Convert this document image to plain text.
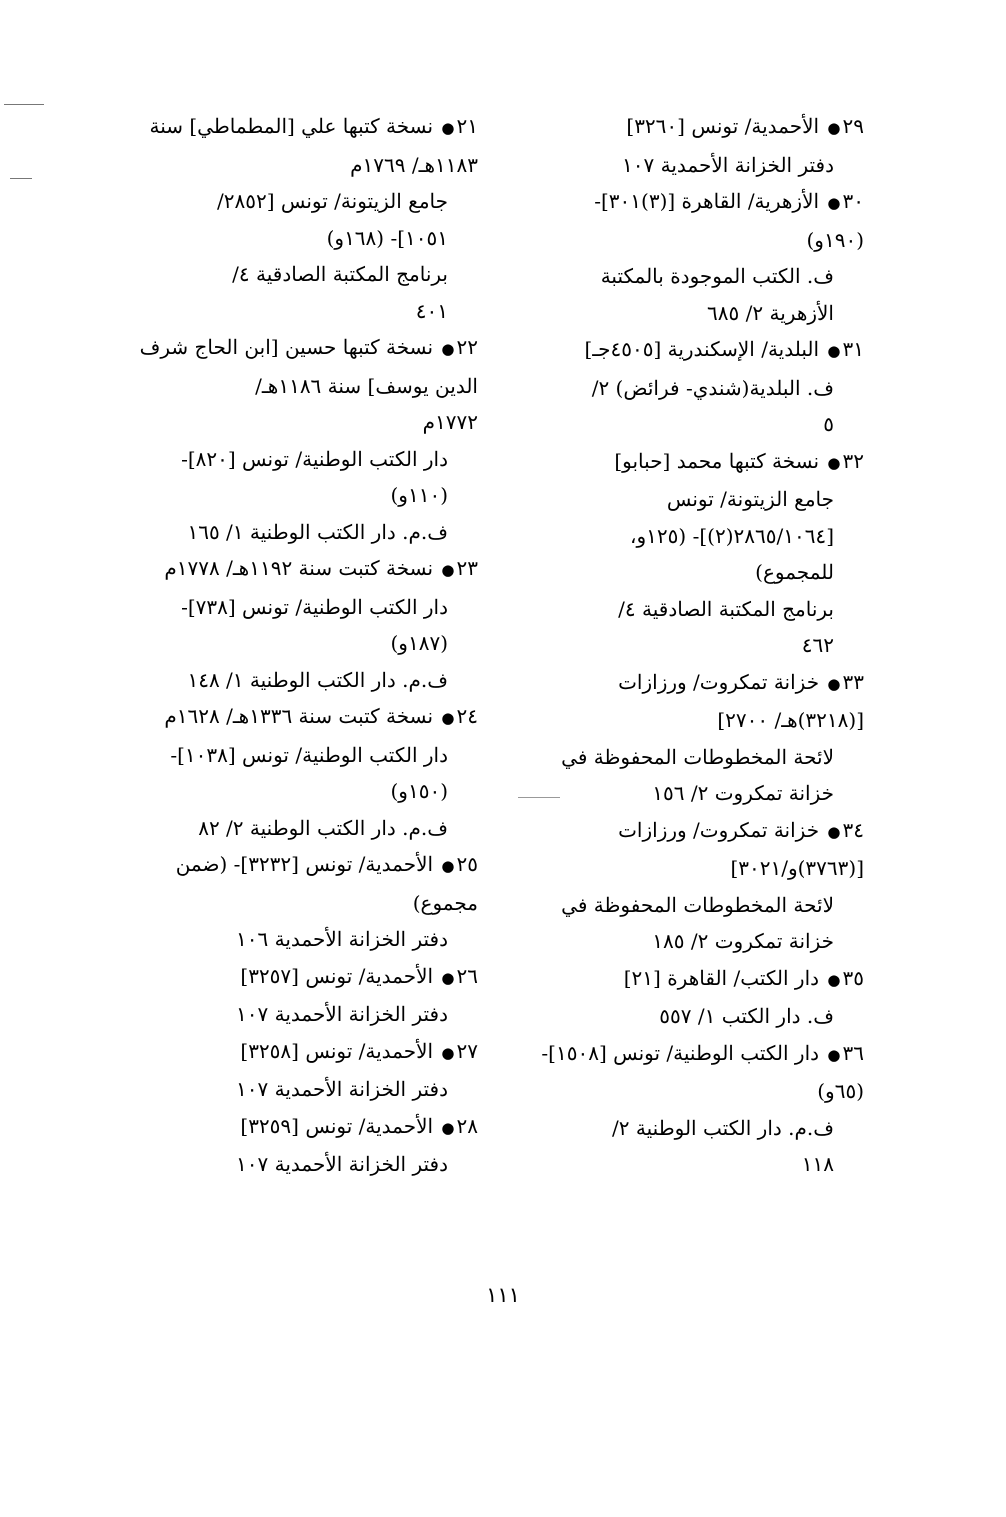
٢١● نسخة كتبها علي [المطماطي] سنة
١١٨٣هـ/ ١٧٦٩م
جامع الزيتونة/ تونس [٢٨٥٢/
١٠٥١]- (١٦٨و)
برنامج المكتبة الصادقية ٤/
٤٠١
٢٢● نسخة كتبها حسين [ابن الحاج شرف
الدين يوسف] سنة ١١٨٦هـ/
١٧٧٢م
دار الكتب الوطنية/ تونس [٨٢٠]-
(١١٠و)
ف.م. دار الكتب الوطنية ١/ ١٦٥
٢٣● نسخة كتبت سنة ١١٩٢هـ/ ١٧٧٨م
دار الكتب الوطنية/ تونس [٧٣٨]-
(١٨٧و)
ف.م. دار الكتب الوطنية ١/ ١٤٨
٢٤● نسخة كتبت سنة ١٣٣٦هـ/ ١٦٢٨م
دار الكتب الوطنية/ تونس [١٠٣٨]-
(١٥٠و)
ف.م. دار الكتب الوطنية ٢/ ٨٢
٢٥● الأحمدية/ تونس [٣٢٣٢]- (ضمن
مجموع)
دفتر الخزانة الأحمدية ١٠٦
٢٦● الأحمدية/ تونس [٣٢٥٧]
دفتر الخزانة الأحمدية ١٠٧
٢٧● الأحمدية/ تونس [٣٢٥٨]
دفتر الخزانة الأحمدية ١٠٧
٢٨● الأحمدية/ تونس [٣٢٥٩]
دفتر الخزانة الأحمدية ١٠٧
٢٩● الأحمدية/ تونس [٣٢٦٠]
دفتر الخزانة الأحمدية ١٠٧
٣٠● الأزهرية/ القاهرة [(٣)٣٠١]-
(١٩٠و)
ف. الكتب الموجودة بالمكتبة
الأزهرية ٢/ ٦٨٥
٣١● البلدية/ الإسكندرية [٤٥٠٥جـ]
ف. البلدية(شندي- فرائض) ٢/
٥
٣٢● نسخة كتبها محمد [حبابو]
جامع الزيتونة/ تونس
[٢٨٦٥/١٠٦٤(٢)]- (١٢٥و،
للمجموع)
برنامج المكتبة الصادقية ٤/
٤٦٢
٣٣● خزانة تمكروت/ ورزازات
[(٣٢١٨)هـ/ ٢٧٠٠]
لائحة المخطوطات المحفوظة في
خزانة تمكروت ٢/ ١٥٦
٣٤● خزانة تمكروت/ ورزازات
[(٣٧٦٣)و/٣٠٢١]
لائحة المخطوطات المحفوظة في
خزانة تمكروت ٢/ ١٨٥
٣٥● دار الكتب/ القاهرة [٢١]
ف. دار الكتب ١/ ٥٥٧
٣٦● دار الكتب الوطنية/ تونس [١٥٠٨]-
(٦٥و)
ف.م. دار الكتب الوطنية ٢/
١١٨
١١١
